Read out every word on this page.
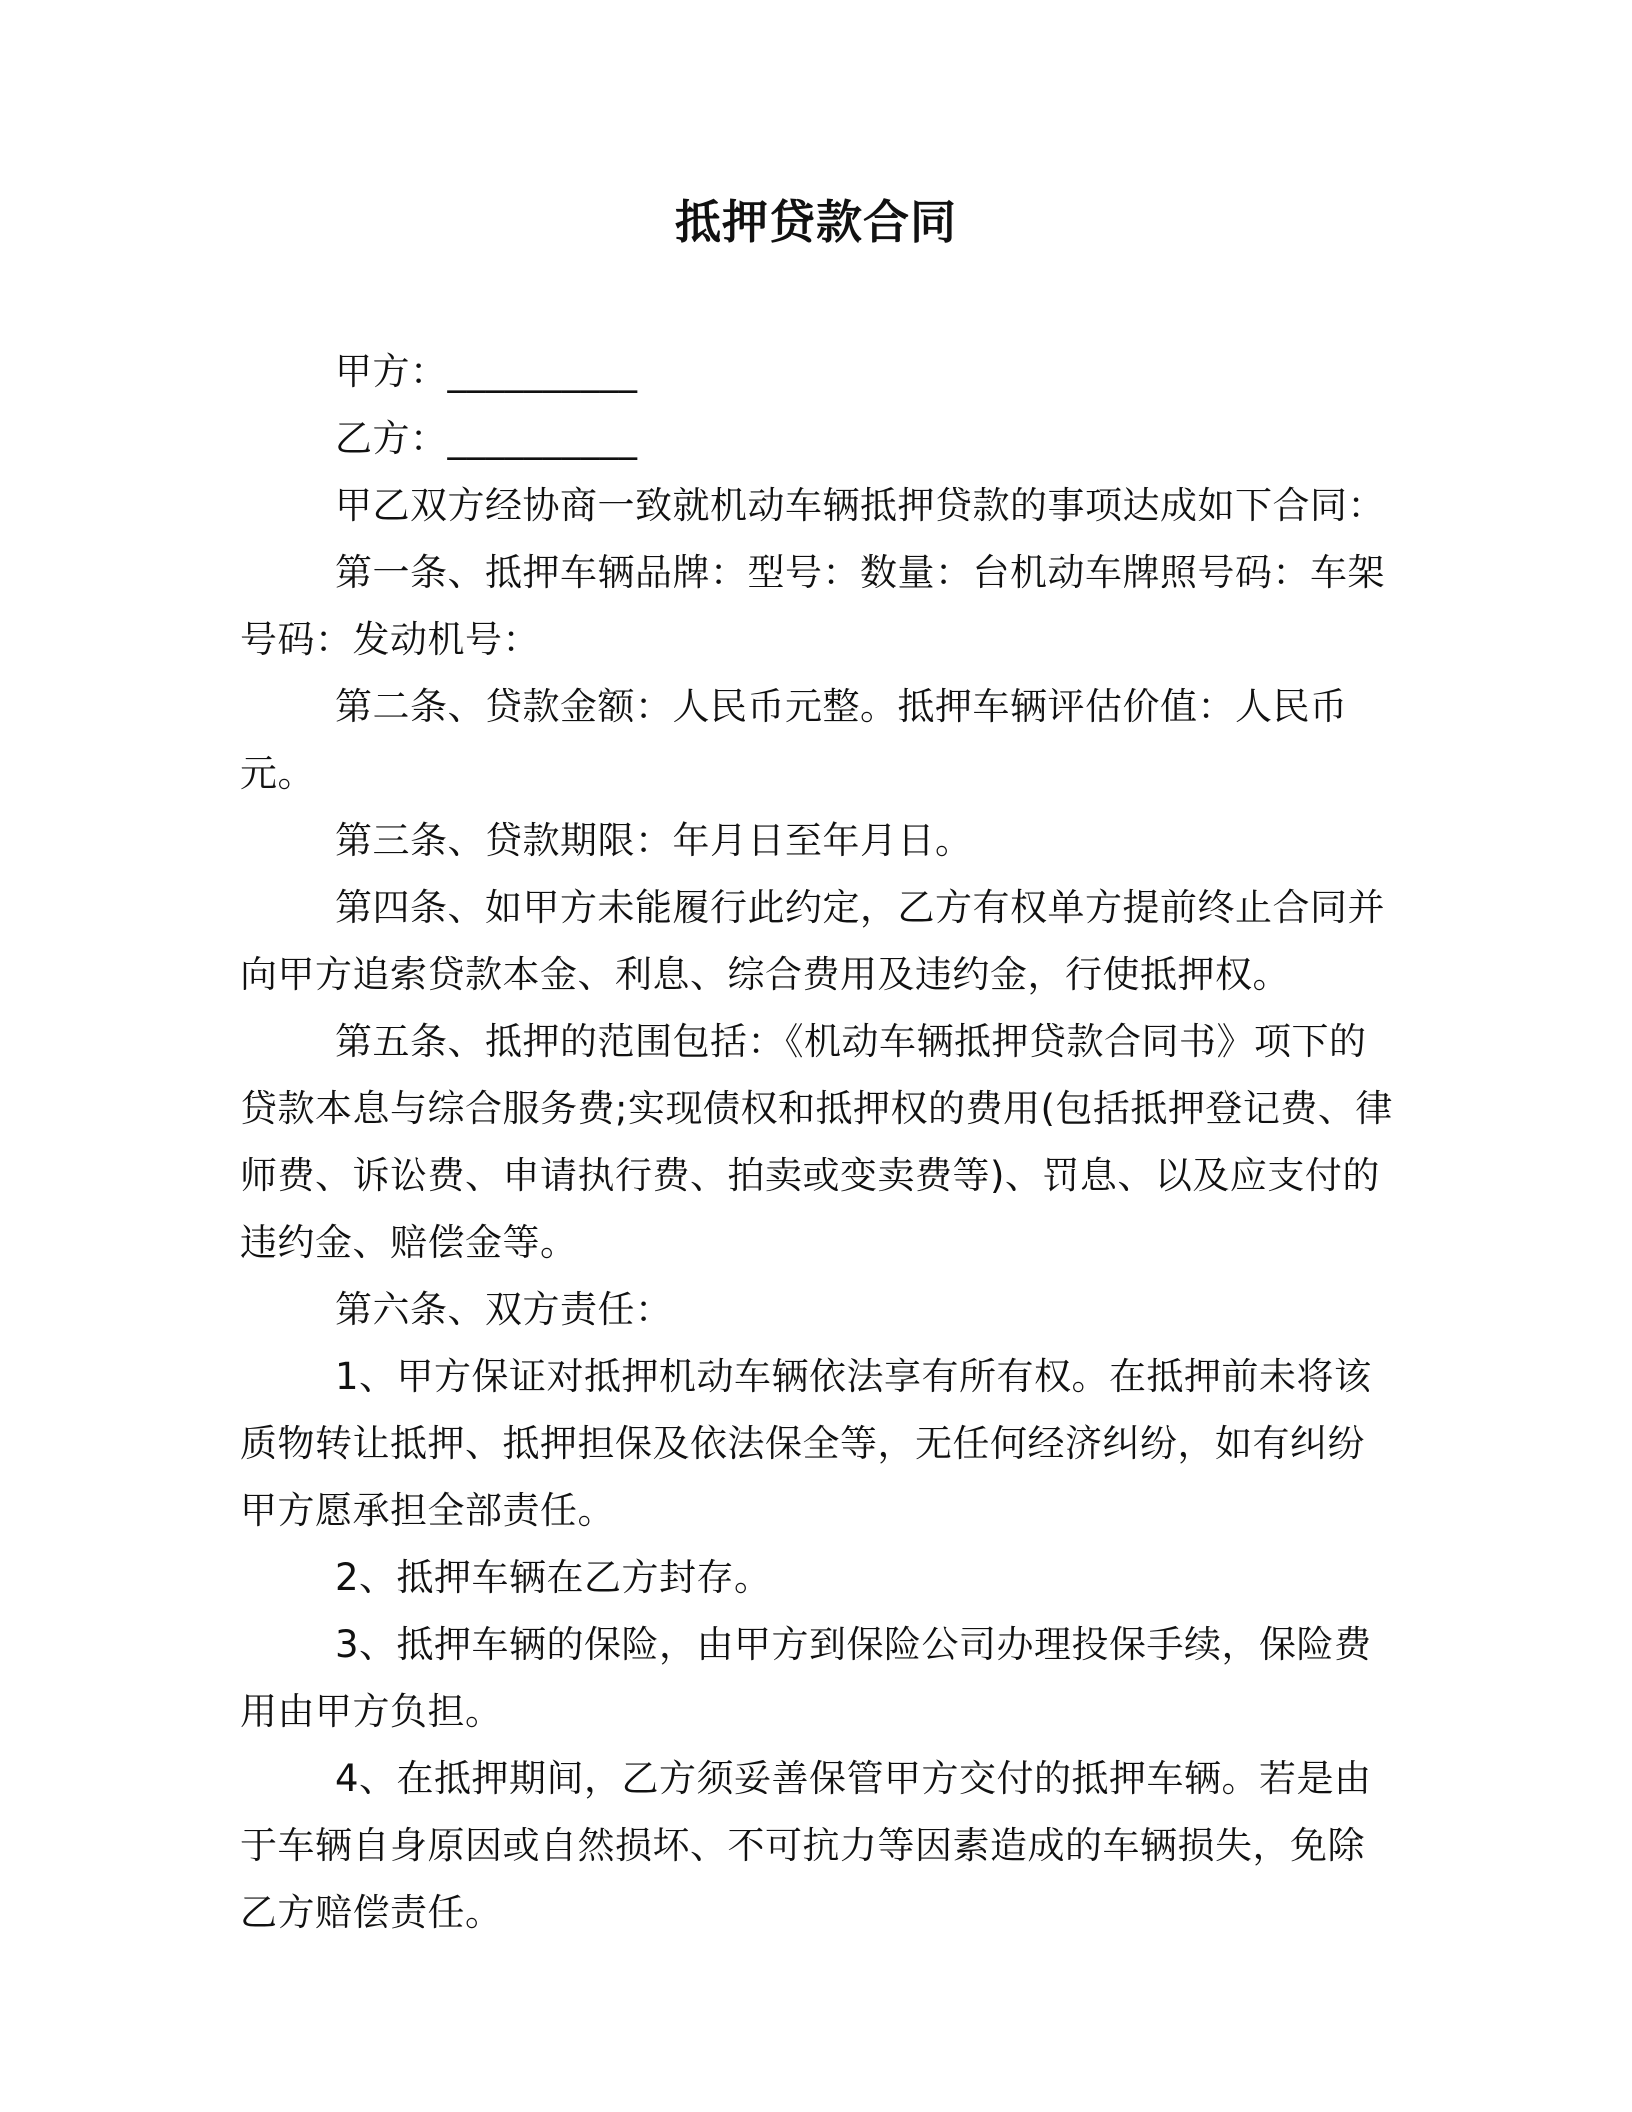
抵押贷款合同

甲方：__________

乙方：__________

甲乙双方经协商一致就机动车辆抵押贷款的事项达成如下合同：

第一条、抵押车辆品牌：型号：数量：台机动车牌照号码：车架号码：发动机号：

第二条、贷款金额：人民币元整。抵押车辆评估价值：人民币元。

第三条、贷款期限：年月日至年月日。

第四条、如甲方未能履行此约定，乙方有权单方提前终止合同并向甲方追索贷款本金、利息、综合费用及违约金，行使抵押权。

第五条、抵押的范围包括：《机动车辆抵押贷款合同书》项下的贷款本息与综合服务费;实现债权和抵押权的费用(包括抵押登记费、律师费、诉讼费、申请执行费、拍卖或变卖费等)、罚息、以及应支付的违约金、赔偿金等。

第六条、双方责任：

1、甲方保证对抵押机动车辆依法享有所有权。在抵押前未将该质物转让抵押、抵押担保及依法保全等，无任何经济纠纷，如有纠纷甲方愿承担全部责任。

2、抵押车辆在乙方封存。

3、抵押车辆的保险，由甲方到保险公司办理投保手续，保险费用由甲方负担。

4、在抵押期间，乙方须妥善保管甲方交付的抵押车辆。若是由于车辆自身原因或自然损坏、不可抗力等因素造成的车辆损失，免除乙方赔偿责任。
